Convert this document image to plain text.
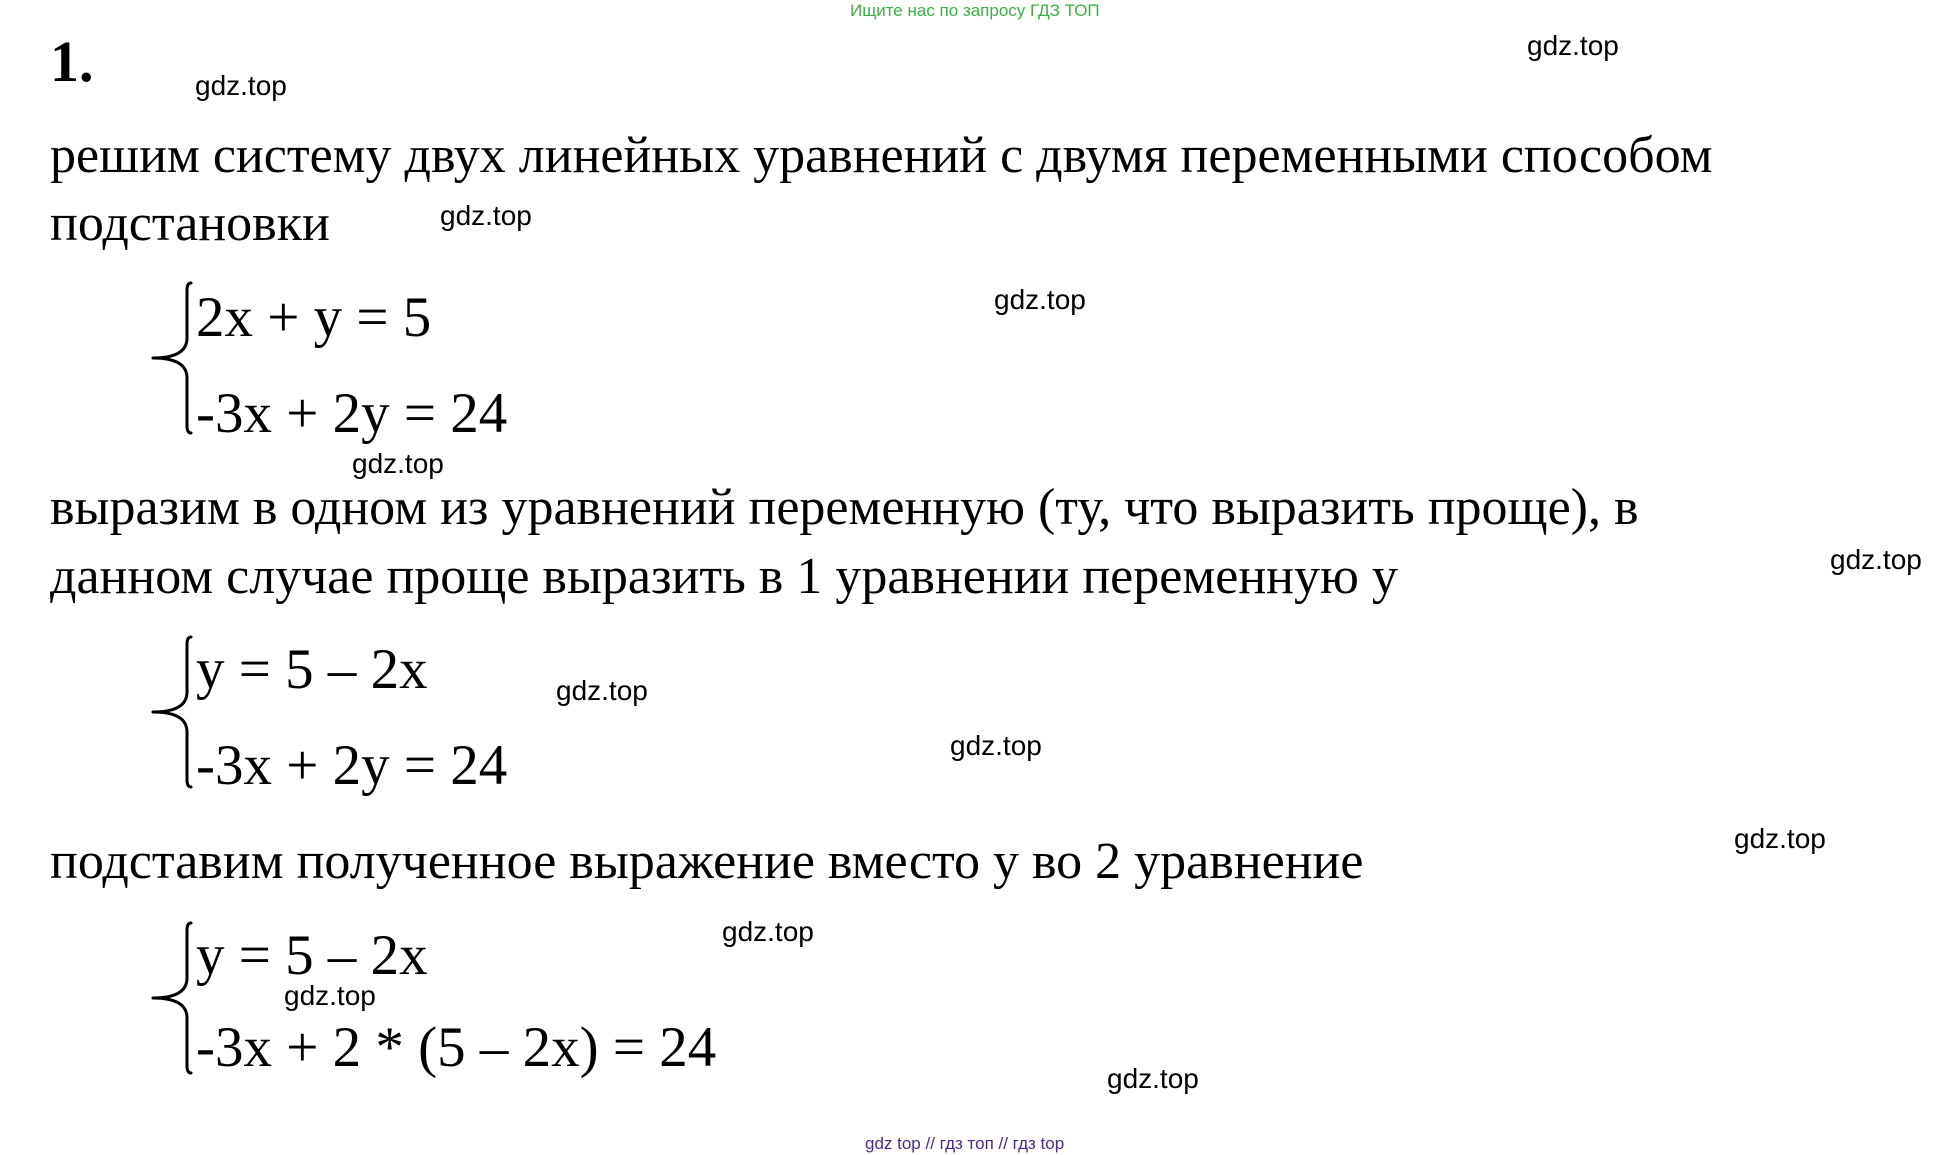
Ищите нас по запросу ГДЗ ТОП
1.
решим систему двух линейных уравнений с двумя переменными способом
подстановки
2x + y = 5
-3x + 2y = 24
выразим в одном из уравнений переменную (ту, что выразить проще), в
данном случае проще выразить в 1 уравнении переменную у
y = 5 – 2x
-3x + 2y = 24
подставим полученное выражение вместо у во 2 уравнение
y = 5 – 2x
-3x + 2 * (5 – 2x) = 24
gdz.top
gdz.top
gdz.top
gdz.top
gdz.top
gdz.top
gdz.top
gdz.top
gdz.top
gdz.top
gdz.top
gdz.top
gdz top // гдз топ // гдз top
